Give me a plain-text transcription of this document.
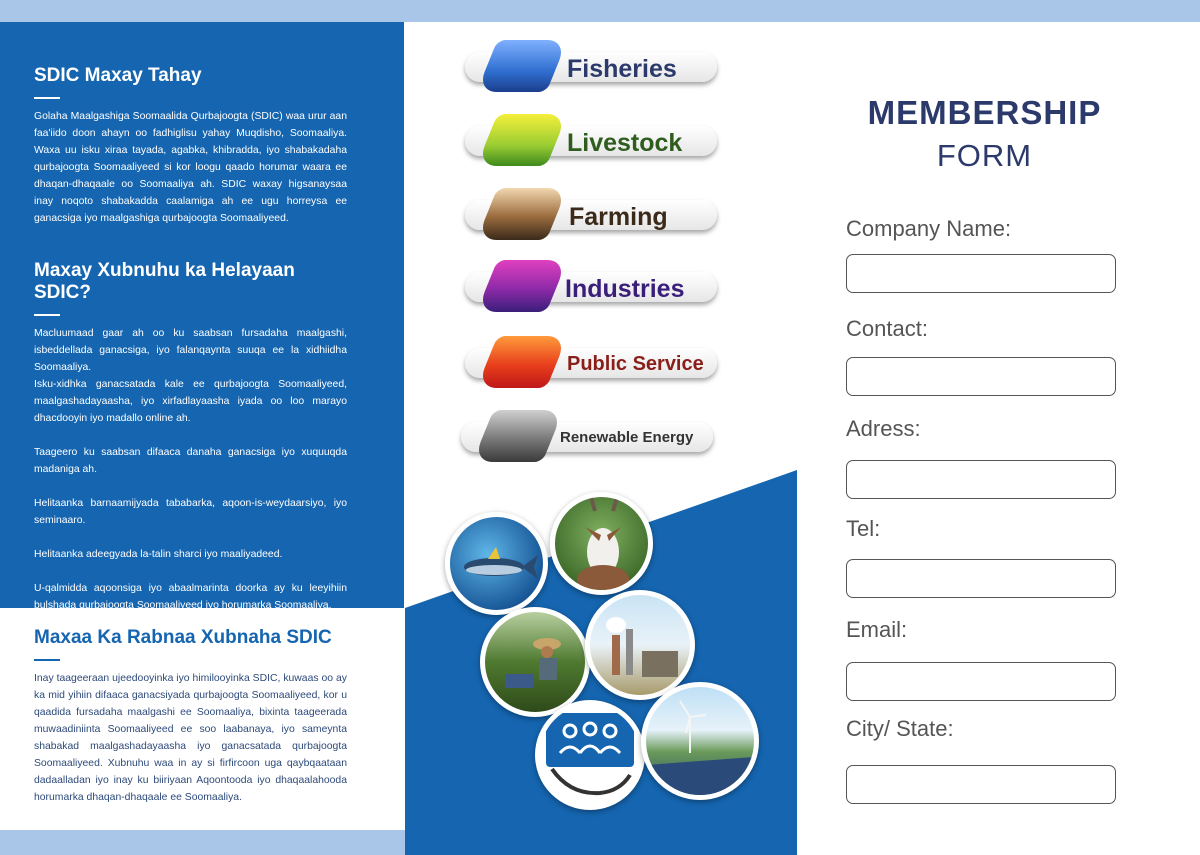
SDIC Maxay Tahay

Golaha Maalgashiga Soomaalida Qurbajoogta (SDIC) waa urur aan faa'iido doon ahayn oo fadhiglisu yahay Muqdisho, Soomaaliya. Waxa uu isku xiraa tayada, agabka, khibradda, iyo shabakadaha qurbajoogta Soomaaliyeed si kor loogu qaado horumar waara ee dhaqan-dhaqaale oo Soomaaliya ah. SDIC waxay higsanaysaa inay noqoto shabakadda caalamiga ah ee ugu horreysa ee ganacsiga iyo maalgashiga qurbajoogta Soomaaliyeed.

Maxay Xubnuhu ka Helayaan SDIC?

Macluumaad gaar ah oo ku saabsan fursadaha maalgashi, isbeddellada ganacsiga, iyo falanqaynta suuqa ee la xidhiidha Soomaaliya.

Isku-xidhka ganacsatada kale ee qurbajoogta Soomaaliyeed, maalgashadayaasha, iyo xirfadlayaasha iyada oo loo marayo dhacdooyin iyo madallo online ah.

Taageero ku saabsan difaaca danaha ganacsiga iyo xuquuqda madaniga ah.

Helitaanka barnaamijyada tababarka, aqoon-is-weydaarsiyo, iyo seminaaro.

Helitaanka adeegyada la-talin sharci iyo maaliyadeed.

U-qalmidda aqoonsiga iyo abaalmarinta doorka ay ku leeyihiin bulshada qurbajoogta Soomaaliyeed iyo horumarka Soomaaliya.

Maxaa Ka Rabnaa Xubnaha SDIC

Inay taageeraan ujeedooyinka iyo himilooyinka SDIC, kuwaas oo ay ka mid yihiin difaaca ganacsiyada qurbajoogta Soomaaliyeed, kor u qaadida fursadaha maalgashi ee Soomaaliya, bixinta taageerada muwaadiniinta Soomaaliyeed ee soo laabanaya, iyo sameynta shabakad maalgashadayaasha iyo ganacsatada qurbajoogta Soomaaliyeed. Xubnuhu waa in ay si firfircoon uga qaybqaataan dadaalladan iyo inay ku biiriyaan Aqoontooda iyo dhaqaalahooda horumarka dhaqan-dhaqaale ee Soomaaliya.

Fisheries
Livestock
Farming
Industries
Public Service
Renewable Energy
MEMBERSHIP
FORM
Company Name:
Contact:
Adress:
Tel:
Email:
City/ State:
